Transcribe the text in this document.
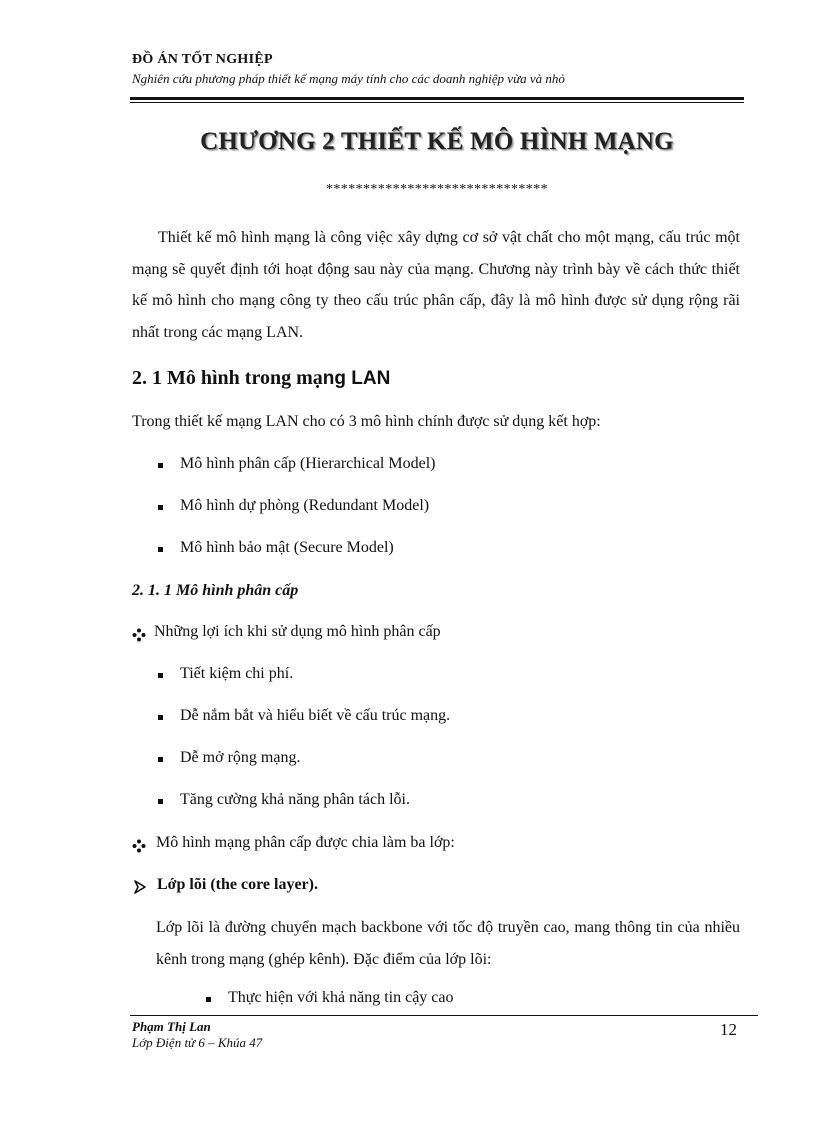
ĐỒ ÁN TỐT NGHIỆP
Nghiên cứu phương pháp thiết kế mạng máy tính cho các doanh nghiệp vừa và nhỏ
CHƯƠNG 2 THIẾT KẾ MÔ HÌNH MẠNG
******************************

Thiết kế mô hình mạng là công việc xây dựng cơ sở vật chất cho một mạng, cấu trúc một mạng sẽ quyết định tới hoạt động sau này của mạng. Chương này trình bày về cách thức thiết kế mô hình cho mạng công ty theo cấu trúc phân cấp, đây là mô hình được sử dụng rộng rãi nhất trong các mạng LAN.

2. 1 Mô hình trong mạng LAN
Trong thiết kế mạng LAN cho có 3 mô hình chính được sử dụng kết hợp:
Mô hình phân cấp (Hierarchical Model)
Mô hình dự phòng (Redundant Model)
Mô hình bảo mật (Secure Model)
2. 1. 1 Mô hình phân cấp
Những lợi ích khi sử dụng mô hình phân cấp
Tiết kiệm chi phí.
Dễ nắm bắt và hiểu biết về cấu trúc mạng.
Dễ mở rộng mạng.
Tăng cường khả năng phân tách lỗi.
Mô hình mạng phân cấp được chia làm ba lớp:
Lớp lõi (the core layer).

Lớp lõi là đường chuyển mạch backbone với tốc độ truyền cao, mang thông tin của nhiều kênh trong mạng (ghép kênh). Đặc điểm của lớp lõi:

Thực hiện với khả năng tin cậy cao
Phạm Thị Lan
Lớp Điện tử 6 – Khúa 47
12
